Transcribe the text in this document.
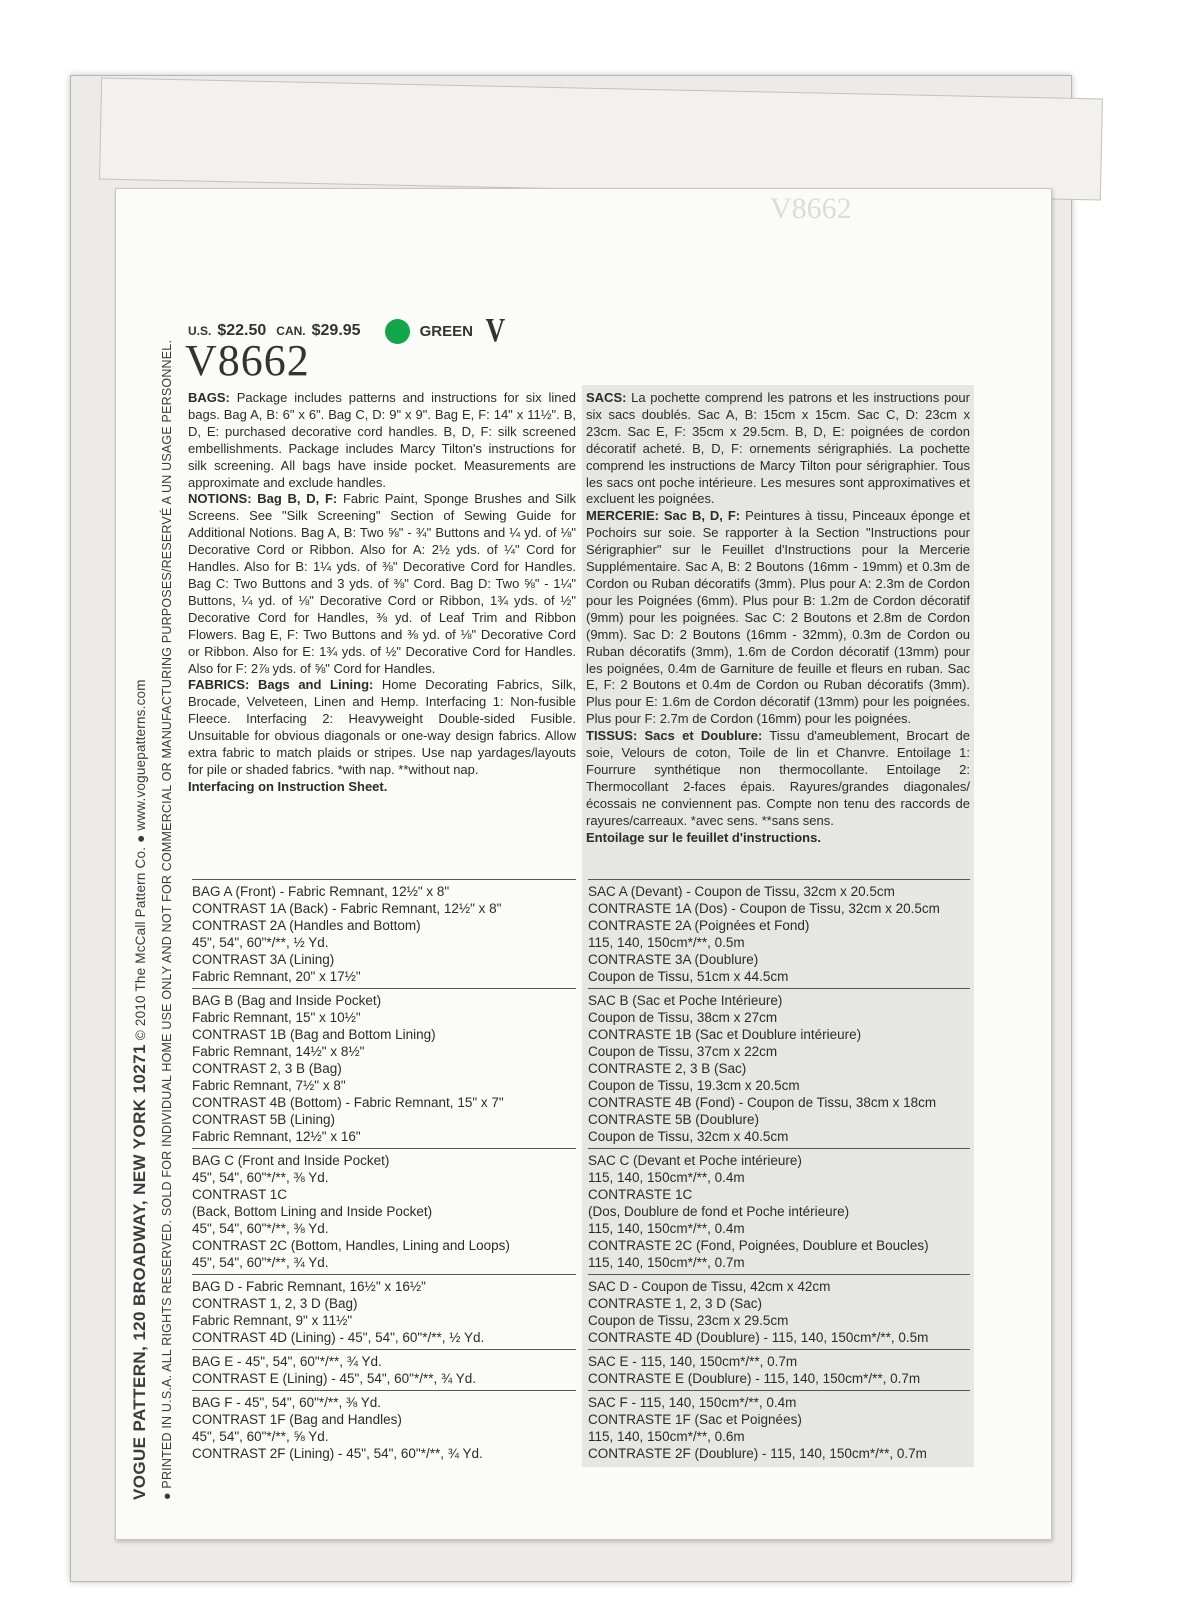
V8662
VOGUE PATTERN, 120 BROADWAY, NEW YORK 10271 © 2010 The McCall Pattern Co. ● www.voguepatterns.com ● PRINTED IN U.S.A. ALL RIGHTS RESERVED. SOLD FOR INDIVIDUAL HOME USE ONLY AND NOT FOR COMMERCIAL OR MANUFACTURING PURPOSES/RESERVÉ A UN USAGE PERSONNEL.
U.S. $22.50 CAN. $29.95	GREEN V
V8662

BAGS: Package includes patterns and instructions for six lined bags. Bag A, B: 6" x 6". Bag C, D: 9" x 9". Bag E, F: 14" x 11½". B, D, E: purchased decorative cord handles. B, D, F: silk screened embellishments. Package includes Marcy Tilton's instructions for silk screening. All bags have inside pocket. Measurements are approximate and exclude handles.

NOTIONS: Bag B, D, F: Fabric Paint, Sponge Brushes and Silk Screens. See "Silk Screening" Section of Sewing Guide for Additional Notions. Bag A, B: Two ⅝" - ¾" Buttons and ¼ yd. of ⅛" Decorative Cord or Ribbon. Also for A: 2½ yds. of ¼" Cord for Handles. Also for B: 1¼ yds. of ⅜" Decorative Cord for Handles. Bag C: Two Buttons and 3 yds. of ⅜" Cord. Bag D: Two ⅝" - 1¼" Buttons, ¼ yd. of ⅛" Decorative Cord or Ribbon, 1¾ yds. of ½" Decorative Cord for Handles, ⅜ yd. of Leaf Trim and Ribbon Flowers. Bag E, F: Two Buttons and ⅜ yd. of ⅛" Decorative Cord or Ribbon. Also for E: 1¾ yds. of ½" Decorative Cord for Handles. Also for F: 2⅞ yds. of ⅝" Cord for Handles.

FABRICS: Bags and Lining: Home Decorating Fabrics, Silk, Brocade, Velveteen, Linen and Hemp. Interfacing 1: Non-fusible Fleece. Interfacing 2: Heavyweight Double-sided Fusible. Unsuitable for obvious diagonals or one-way design fabrics. Allow extra fabric to match plaids or stripes. Use nap yardages/layouts for pile or shaded fabrics. *with nap. **without nap.

Interfacing on Instruction Sheet.

SACS: La pochette comprend les patrons et les instructions pour six sacs doublés. Sac A, B: 15cm x 15cm. Sac C, D: 23cm x 23cm. Sac E, F: 35cm x 29.5cm. B, D, E: poignées de cordon décoratif acheté. B, D, F: ornements sérigraphiés. La pochette comprend les instructions de Marcy Tilton pour sérigraphier. Tous les sacs ont poche intérieure. Les mesures sont approximatives et excluent les poignées.

MERCERIE: Sac B, D, F: Peintures à tissu, Pinceaux éponge et Pochoirs sur soie. Se rapporter à la Section "Instructions pour Sérigraphier" sur le Feuillet d'Instructions pour la Mercerie Supplémentaire. Sac A, B: 2 Boutons (16mm - 19mm) et 0.3m de Cordon ou Ruban décoratifs (3mm). Plus pour A: 2.3m de Cordon pour les Poignées (6mm). Plus pour B: 1.2m de Cordon décoratif (9mm) pour les poignées. Sac C: 2 Boutons et 2.8m de Cordon (9mm). Sac D: 2 Boutons (16mm - 32mm), 0.3m de Cordon ou Ruban décoratifs (3mm), 1.6m de Cordon décoratif (13mm) pour les poignées, 0.4m de Garniture de feuille et fleurs en ruban. Sac E, F: 2 Boutons et 0.4m de Cordon ou Ruban décoratifs (3mm). Plus pour E: 1.6m de Cordon décoratif (13mm) pour les poignées. Plus pour F: 2.7m de Cordon (16mm) pour les poignées.

TISSUS: Sacs et Doublure: Tissu d'ameublement, Brocart de soie, Velours de coton, Toile de lin et Chanvre. Entoilage 1: Fourrure synthétique non thermocollante. Entoilage 2: Thermocollant 2-faces épais. Rayures/grandes diagonales/ écossais ne conviennent pas. Compte non tenu des raccords de rayures/carreaux. *avec sens. **sans sens.

Entoilage sur le feuillet d'instructions.

BAG A (Front) - Fabric Remnant, 12½" x 8"
CONTRAST 1A (Back) - Fabric Remnant, 12½" x 8"
CONTRAST 2A (Handles and Bottom)
45", 54", 60"*/**, ½ Yd.
CONTRAST 3A (Lining)
Fabric Remnant, 20" x 17½"
BAG B (Bag and Inside Pocket)
Fabric Remnant, 15" x 10½"
CONTRAST 1B (Bag and Bottom Lining)
Fabric Remnant, 14½" x 8½"
CONTRAST 2, 3 B (Bag)
Fabric Remnant, 7½" x 8"
CONTRAST 4B (Bottom) - Fabric Remnant, 15" x 7"
CONTRAST 5B (Lining)
Fabric Remnant, 12½" x 16"
BAG C (Front and Inside Pocket)
45", 54", 60"*/**, ⅜ Yd.
CONTRAST 1C
(Back, Bottom Lining and Inside Pocket)
45", 54", 60"*/**, ⅜ Yd.
CONTRAST 2C (Bottom, Handles, Lining and Loops)
45", 54", 60"*/**, ¾ Yd.
BAG D - Fabric Remnant, 16½" x 16½"
CONTRAST 1, 2, 3 D (Bag)
Fabric Remnant, 9" x 11½"
CONTRAST 4D (Lining) - 45", 54", 60"*/**, ½ Yd.
BAG E - 45", 54", 60"*/**, ¾ Yd.
CONTRAST E (Lining) - 45", 54", 60"*/**, ¾ Yd.
BAG F - 45", 54", 60"*/**, ⅜ Yd.
CONTRAST 1F (Bag and Handles)
45", 54", 60"*/**, ⅝ Yd.
CONTRAST 2F (Lining) - 45", 54", 60"*/**, ¾ Yd.
SAC A (Devant) - Coupon de Tissu, 32cm x 20.5cm
CONTRASTE 1A (Dos) - Coupon de Tissu, 32cm x 20.5cm
CONTRASTE 2A (Poignées et Fond)
115, 140, 150cm*/**, 0.5m
CONTRASTE 3A (Doublure)
Coupon de Tissu, 51cm x 44.5cm
SAC B (Sac et Poche Intérieure)
Coupon de Tissu, 38cm x 27cm
CONTRASTE 1B (Sac et Doublure intérieure)
Coupon de Tissu, 37cm x 22cm
CONTRASTE 2, 3 B (Sac)
Coupon de Tissu, 19.3cm x 20.5cm
CONTRASTE 4B (Fond) - Coupon de Tissu, 38cm x 18cm
CONTRASTE 5B (Doublure)
Coupon de Tissu, 32cm x 40.5cm
SAC C (Devant et Poche intérieure)
115, 140, 150cm*/**, 0.4m
CONTRASTE 1C
(Dos, Doublure de fond et Poche intérieure)
115, 140, 150cm*/**, 0.4m
CONTRASTE 2C (Fond, Poignées, Doublure et Boucles)
115, 140, 150cm*/**, 0.7m
SAC D - Coupon de Tissu, 42cm x 42cm
CONTRASTE 1, 2, 3 D (Sac)
Coupon de Tissu, 23cm x 29.5cm
CONTRASTE 4D (Doublure) - 115, 140, 150cm*/**, 0.5m
SAC E - 115, 140, 150cm*/**, 0.7m
CONTRASTE E (Doublure) - 115, 140, 150cm*/**, 0.7m
SAC F - 115, 140, 150cm*/**, 0.4m
CONTRASTE 1F (Sac et Poignées)
115, 140, 150cm*/**, 0.6m
CONTRASTE 2F (Doublure) - 115, 140, 150cm*/**, 0.7m
